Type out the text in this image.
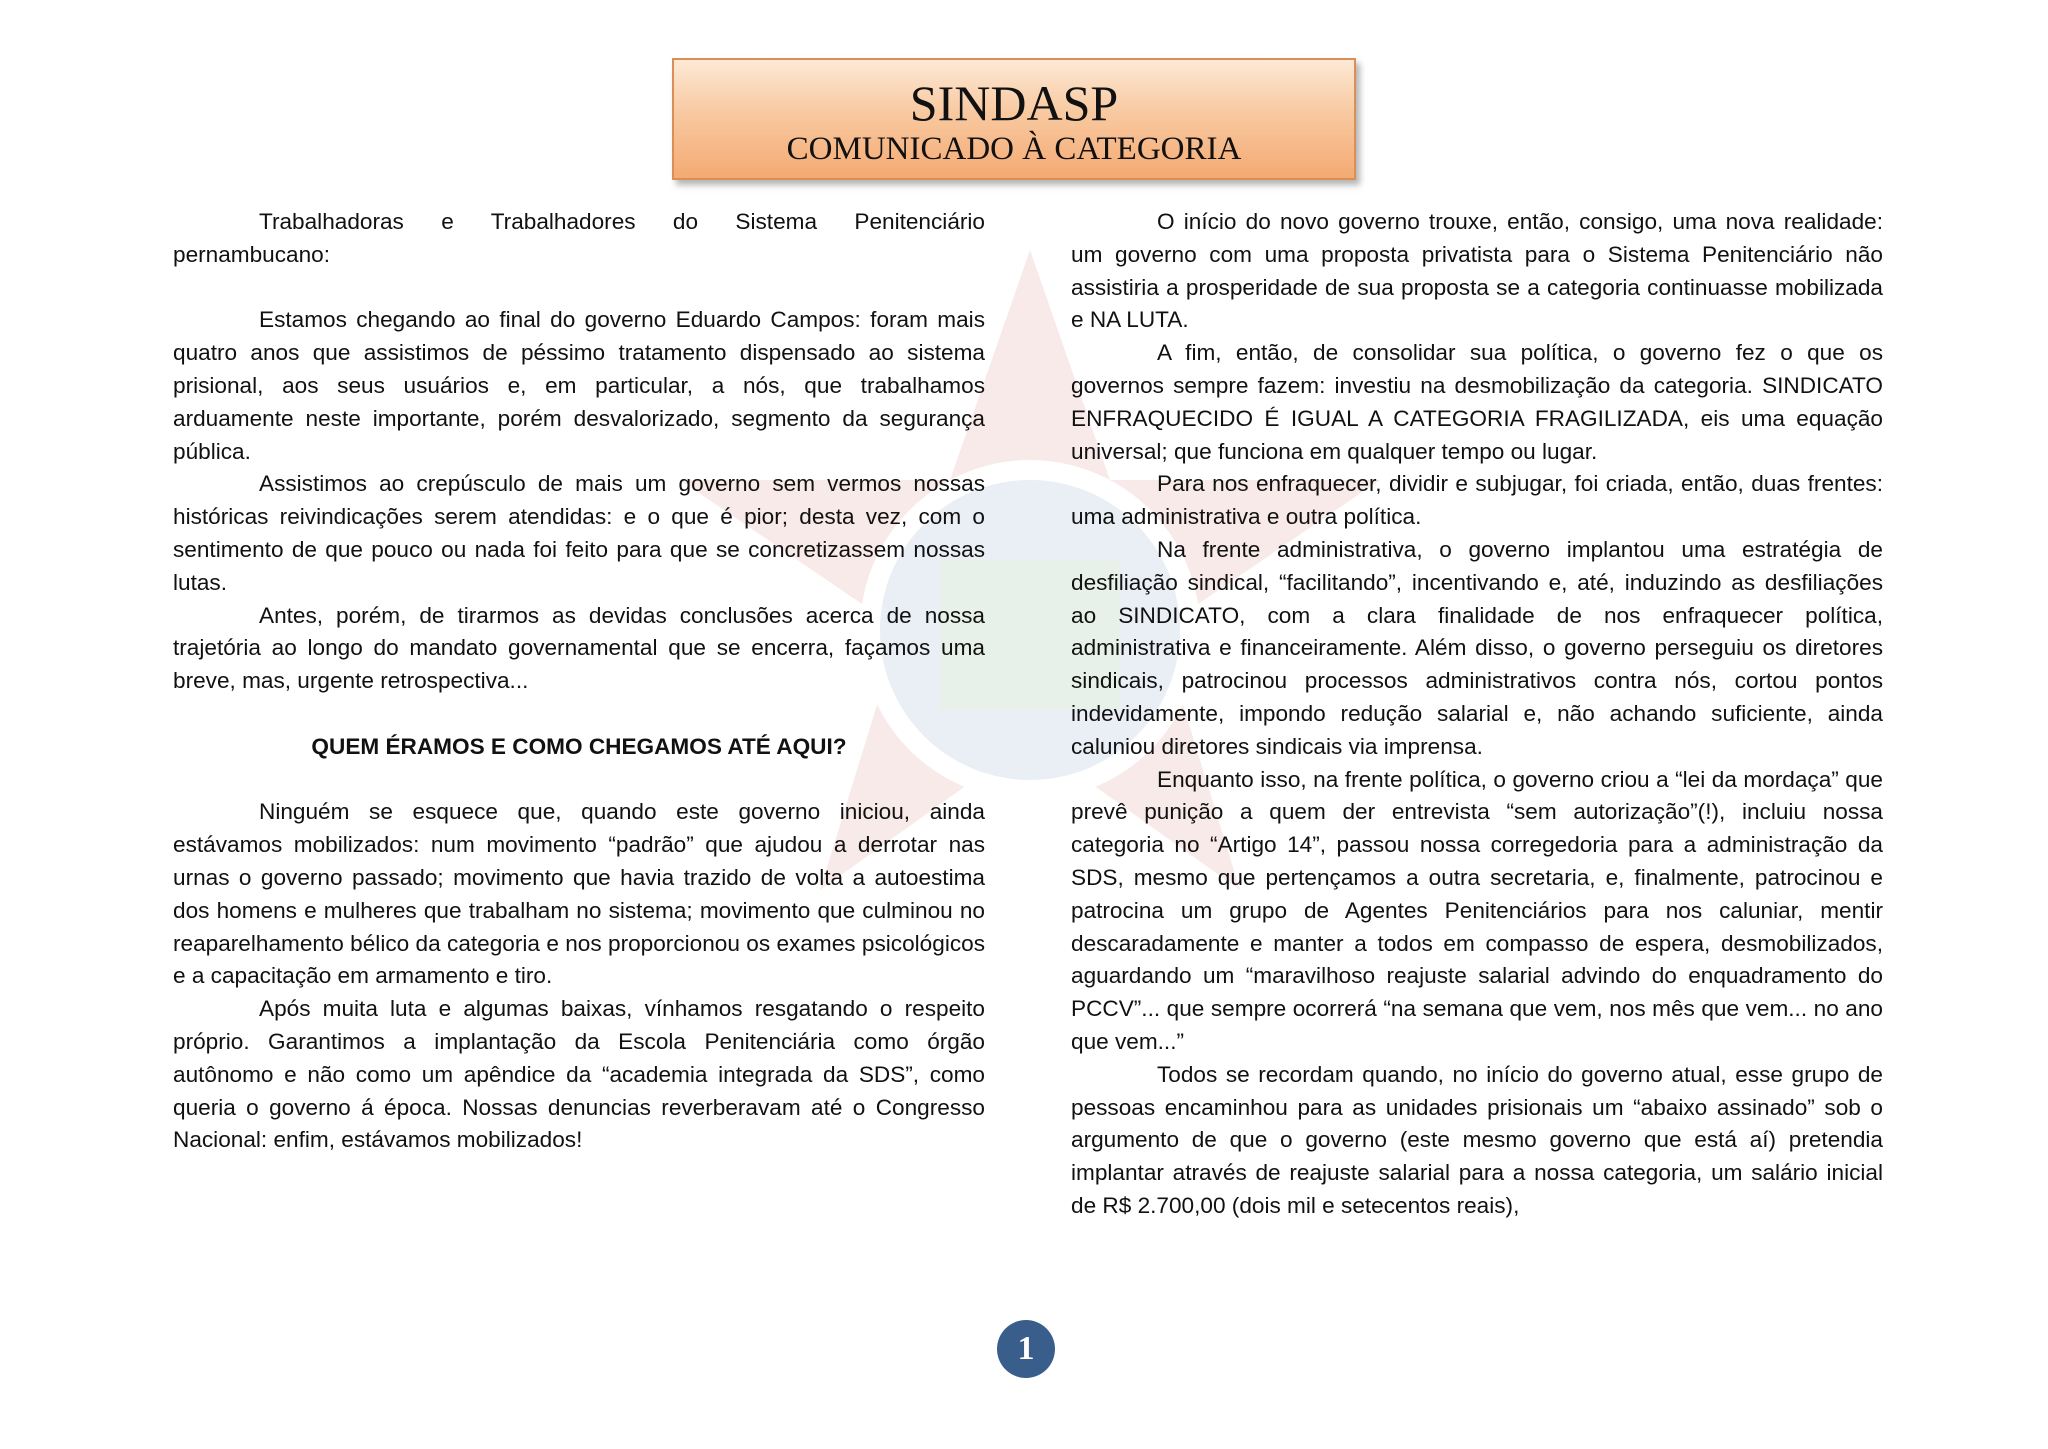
SINDASP
COMUNICADO À CATEGORIA

Trabalhadoras e Trabalhadores do Sistema Penitenciário pernambucano:

Estamos chegando ao final do governo Eduardo Campos: foram mais quatro anos que assistimos de péssimo tratamento dispensado ao sistema prisional, aos seus usuários e, em particular, a nós, que trabalhamos arduamente neste importante, porém desvalorizado, segmento da segurança pública.

Assistimos ao crepúsculo de mais um governo sem vermos nossas históricas reivindicações serem atendidas: e o que é pior; desta vez, com o sentimento de que pouco ou nada foi feito para que se concretizassem nossas lutas.

Antes, porém, de tirarmos as devidas conclusões acerca de nossa trajetória ao longo do mandato governamental que se encerra, façamos uma breve, mas, urgente retrospectiva...

QUEM ÉRAMOS E COMO CHEGAMOS ATÉ AQUI?

Ninguém se esquece que, quando este governo iniciou, ainda estávamos mobilizados: num movimento “padrão” que ajudou a derrotar nas urnas o governo passado; movimento que havia trazido de volta a autoestima dos homens e mulheres que trabalham no sistema; movimento que culminou no reaparelhamento bélico da categoria e nos proporcionou os exames psicológicos e a capacitação em armamento e tiro.

Após muita luta e algumas baixas, vínhamos resgatando o respeito próprio. Garantimos a implantação da Escola Penitenciária como órgão autônomo e não como um apêndice da “academia integrada da SDS”, como queria o governo á época. Nossas denuncias reverberavam até o Congresso Nacional: enfim, estávamos mobilizados!

O início do novo governo trouxe, então, consigo, uma nova realidade: um governo com uma proposta privatista para o Sistema Penitenciário não assistiria a prosperidade de sua proposta se a categoria continuasse mobilizada e NA LUTA.

A fim, então, de consolidar sua política, o governo fez o que os governos sempre fazem: investiu na desmobilização da categoria. SINDICATO ENFRAQUECIDO É IGUAL A CATEGORIA FRAGILIZADA, eis uma equação universal; que funciona em qualquer tempo ou lugar.

Para nos enfraquecer, dividir e subjugar, foi criada, então, duas frentes: uma administrativa e outra política.

Na frente administrativa, o governo implantou uma estratégia de desfiliação sindical, “facilitando”, incentivando e, até, induzindo as desfiliações ao SINDICATO, com a clara finalidade de nos enfraquecer política, administrativa e financeiramente. Além disso, o governo perseguiu os diretores sindicais, patrocinou processos administrativos contra nós, cortou pontos indevidamente, impondo redução salarial e, não achando suficiente, ainda caluniou diretores sindicais via imprensa.

Enquanto isso, na frente política, o governo criou a “lei da mordaça” que prevê punição a quem der entrevista “sem autorização”(!), incluiu nossa categoria no “Artigo 14”, passou nossa corregedoria para a administração da SDS, mesmo que pertençamos a outra secretaria, e, finalmente, patrocinou e patrocina um grupo de Agentes Penitenciários para nos caluniar, mentir descaradamente e manter a todos em compasso de espera, desmobilizados, aguardando um “maravilhoso reajuste salarial advindo do enquadramento do PCCV”... que sempre ocorrerá “na semana que vem, nos mês que vem... no ano que vem...”

Todos se recordam quando, no início do governo atual, esse grupo de pessoas encaminhou para as unidades prisionais um “abaixo assinado” sob o argumento de que o governo (este mesmo governo que está aí) pretendia implantar através de reajuste salarial para a nossa categoria, um salário inicial de R$ 2.700,00 (dois mil e setecentos reais),

1
